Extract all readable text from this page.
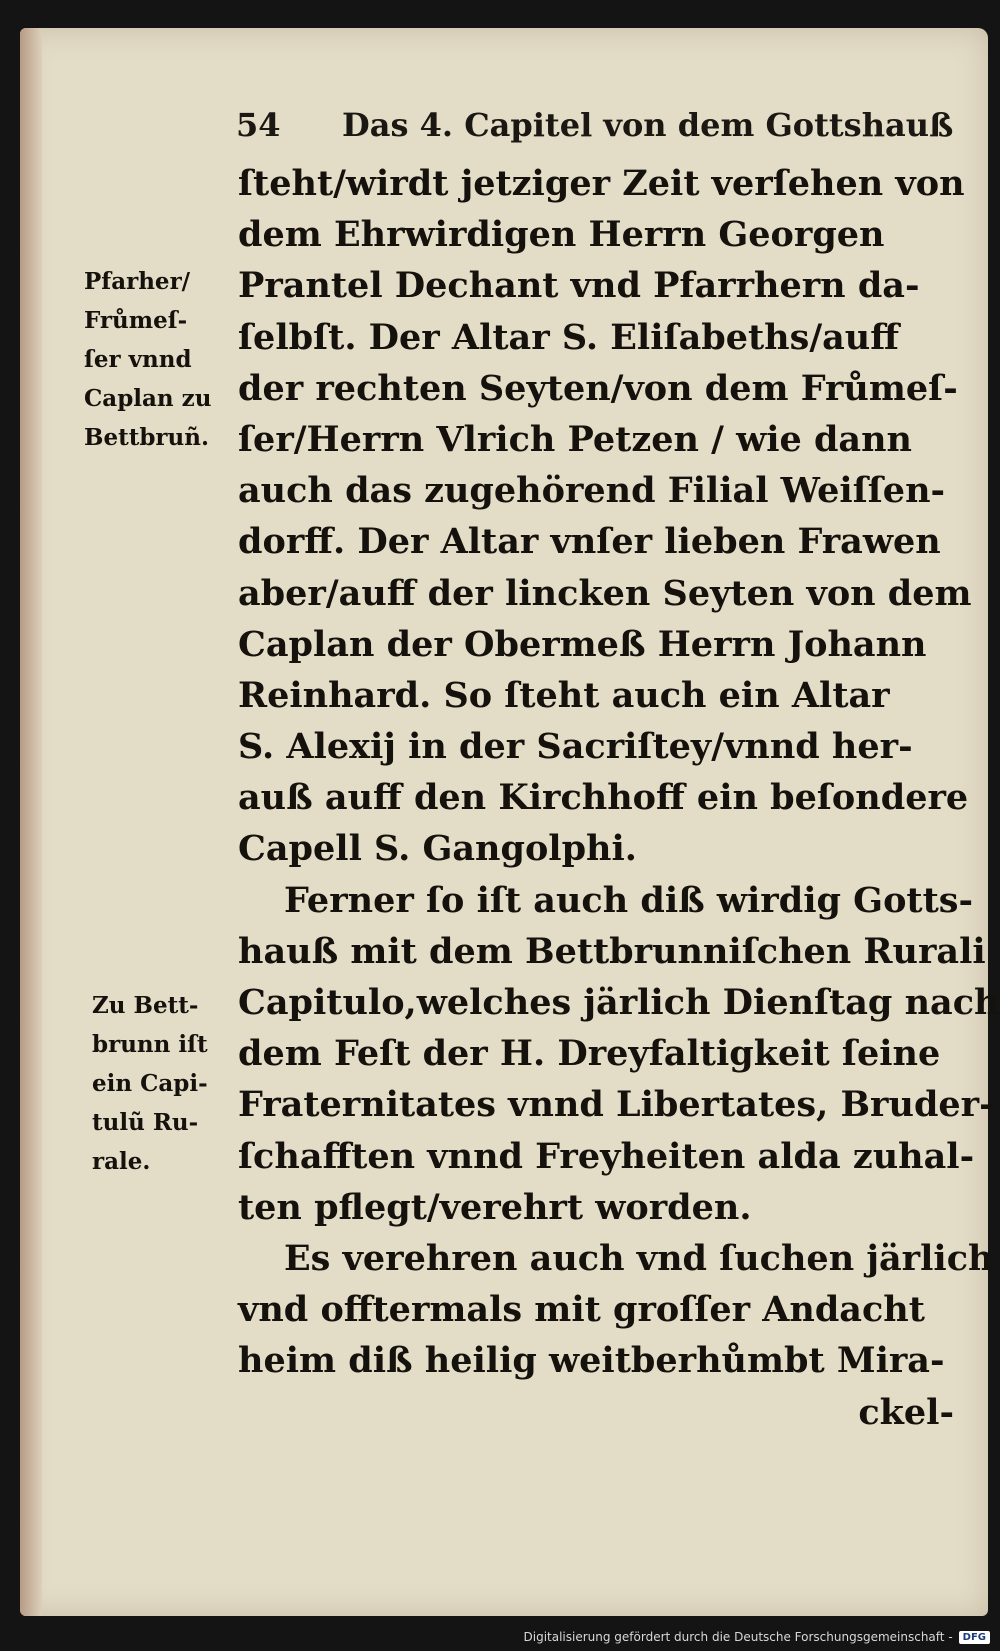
54 Das 4. Capitel von dem Gottshauß
ſteht/wirdt jetziger Zeit verſehen von
dem Ehrwirdigen Herrn Georgen
Prantel Dechant vnd Pfarrhern da-
ſelbſt. Der Altar S. Eliſabeths/auff
der rechten Seyten/von dem Frůmeſ-
ſer/Herrn Vlrich Petzen / wie dann
auch das zugehörend Filial Weiſſen-
dorff. Der Altar vnſer lieben Frawen
aber/auff der lincken Seyten von dem
Caplan der Obermeß Herrn Johann
Reinhard. So ſteht auch ein Altar
S. Alexij in der Sacriſtey/vnnd her-
auß auff den Kirchhoff ein beſondere
Capell S. Gangolphi.
Ferner ſo iſt auch diß wirdig Gotts-
hauß mit dem Bettbrunniſchen Rurali
Capitulo,welches järlich Dienſtag nach
dem Feſt der H. Dreyfaltigkeit ſeine
Fraternitates vnnd Libertates, Bruder-
ſchafften vnnd Freyheiten alda zuhal-
ten pflegt/verehrt worden.
Es verehren auch vnd ſuchen järlich
vnd offtermals mit groſſer Andacht
heim diß heilig weitberhůmbt Mira-
ckel-
Pfarher/
Frůmeſ-
ſer vnnd
Caplan zu
Bettbruñ.
Zu Bett-
brunn iſt
ein Capi-
tulũ Ru-
rale.
Digitalisierung gefördert durch die Deutsche Forschungsgemeinschaft -	DFG
